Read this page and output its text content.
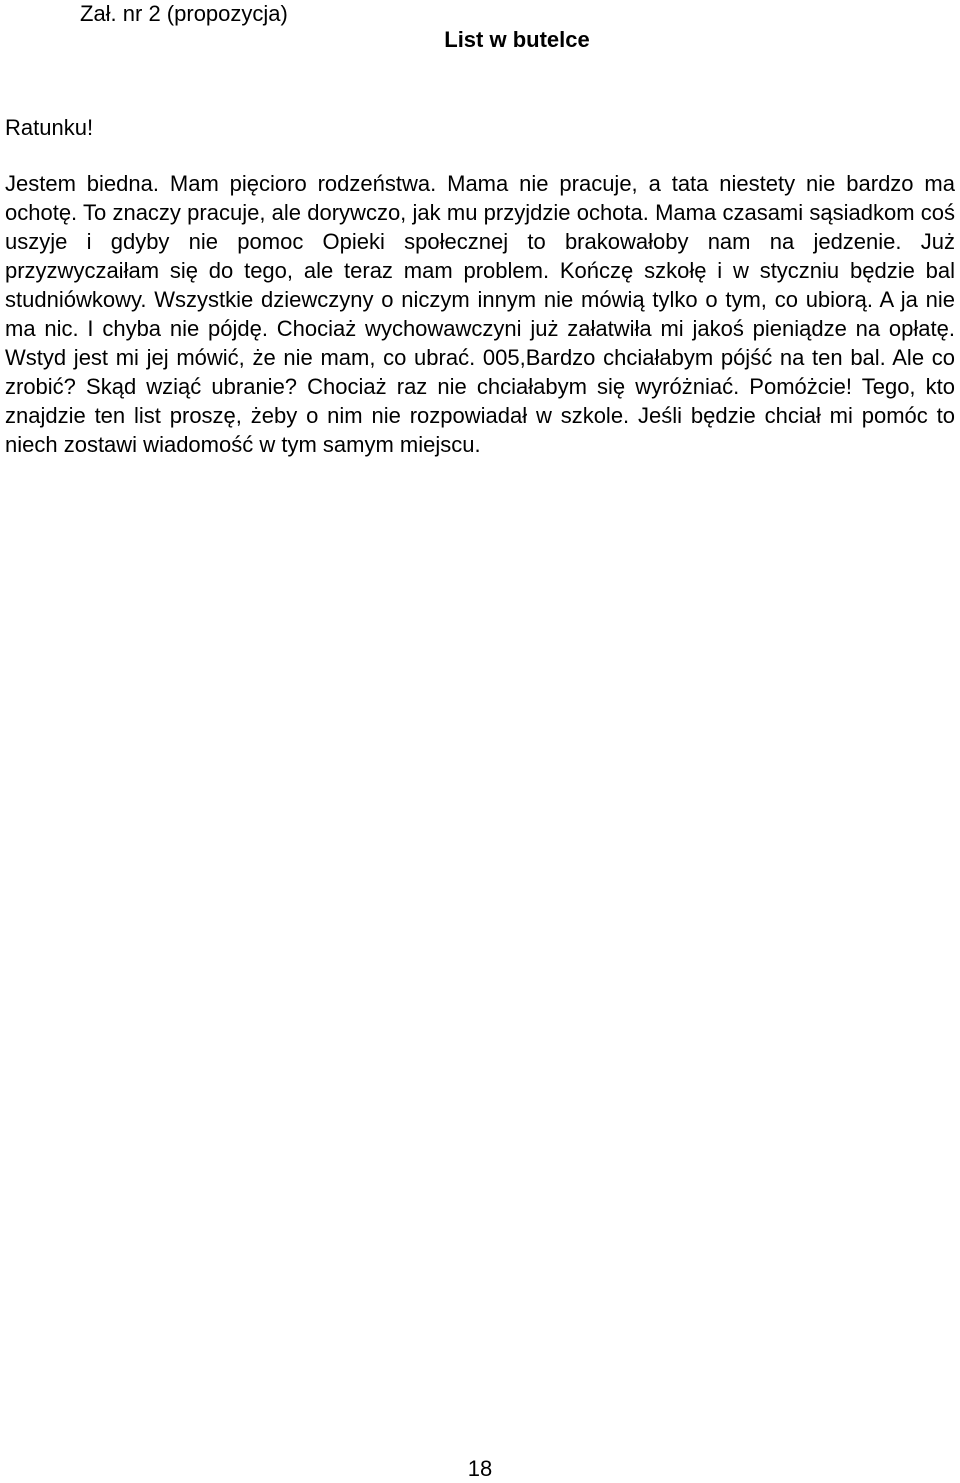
Zał. nr 2 (propozycja)
List w butelce
Ratunku!

Jestem biedna. Mam pięcioro rodzeństwa. Mama nie pracuje, a tata niestety nie bardzo ma ochotę. To znaczy pracuje, ale dorywczo, jak mu przyjdzie ochota. Mama czasami sąsiadkom coś uszyje i gdyby nie pomoc Opieki społecznej to brakowałoby nam na jedzenie. Już przyzwyczaiłam się do tego, ale teraz mam problem. Kończę szkołę i w styczniu będzie bal studniówkowy. Wszystkie dziewczyny o niczym innym nie mówią tylko o tym, co ubiorą. A ja nie ma nic. I chyba nie pójdę. Chociaż wychowawczyni już załatwiła mi jakoś pieniądze na opłatę. Wstyd jest mi jej mówić, że nie mam, co ubrać. 005,Bardzo chciałabym pójść na ten bal. Ale co zrobić? Skąd wziąć ubranie? Chociaż raz nie chciałabym się wyróżniać. Pomóżcie! Tego, kto znajdzie ten list proszę, żeby o nim nie rozpowiadał w szkole. Jeśli będzie chciał mi pomóc to niech zostawi wiadomość w tym samym miejscu.

18
